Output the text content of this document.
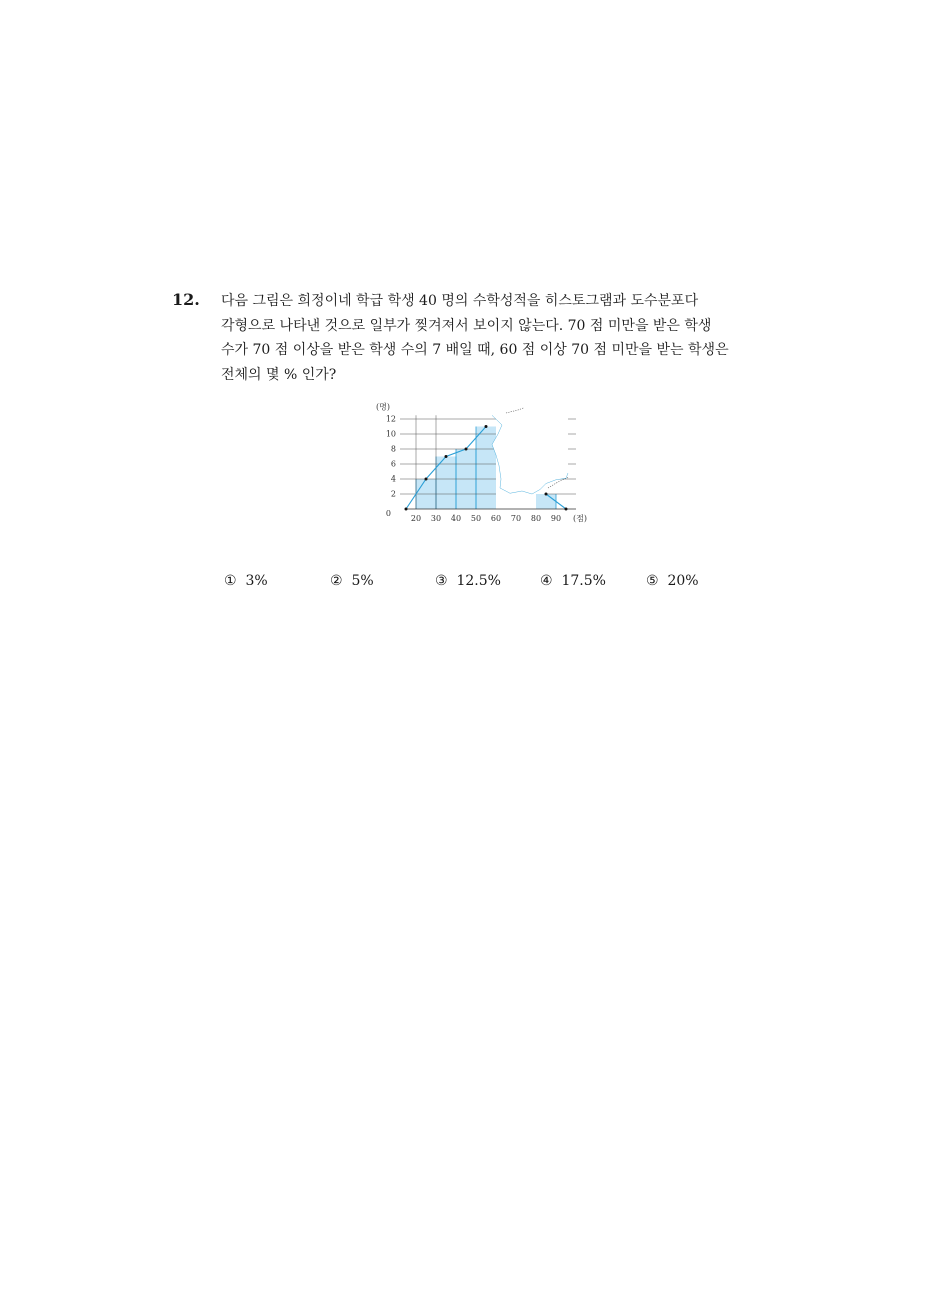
12. 다음 그림은 희정이네 학급 학생 40 명의 수학성적을 히스토그램과 도수분포다
각형으로 나타낸 것으로 일부가 찢겨져서 보이지 않는다. 70 점 미만을 받은 학생
수가 70 점 이상을 받은 학생 수의 7 배일 때, 60 점 이상 70 점 미만을 받는 학생은
전체의 몇 % 인가?
2
4
6
8
10
12
0
(명)
20 30 40 50 60 70 80 90 (점)
① 3%	② 5%	③ 12.5%	④ 17.5%	⑤ 20%
